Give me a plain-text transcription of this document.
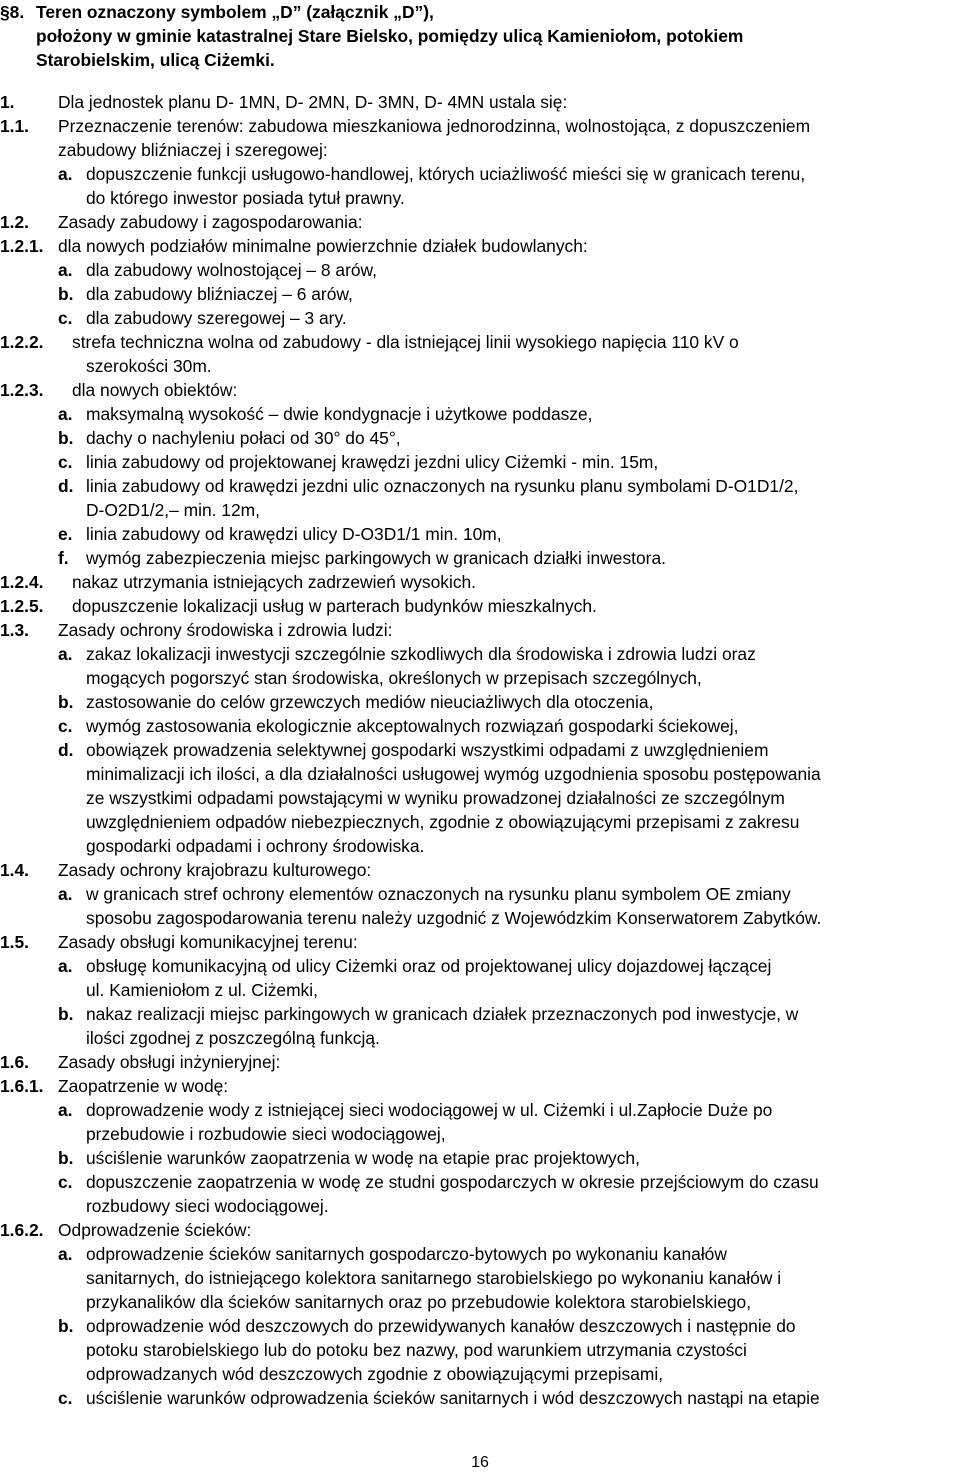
§8. Teren oznaczony symbolem „D” (załącznik „D”),
położony w gminie katastralnej Stare Bielsko, pomiędzy ulicą Kamieniołom, potokiem
Starobielskim, ulicą Ciżemki.
1. Dla jednostek planu D- 1MN, D- 2MN, D- 3MN, D- 4MN ustala się:
1.1. Przeznaczenie terenów: zabudowa mieszkaniowa jednorodzinna, wolnostojąca, z dopuszczeniem
zabudowy bliźniaczej i szeregowej:
a. dopuszczenie funkcji usługowo-handlowej, których uciażliwość mieści się w granicach terenu,
do którego inwestor posiada tytuł prawny.
1.2. Zasady zabudowy i zagospodarowania:
1.2.1. dla nowych podziałów minimalne powierzchnie działek budowlanych:
a. dla zabudowy wolnostojącej – 8 arów,
b. dla zabudowy bliźniaczej – 6 arów,
c. dla zabudowy szeregowej – 3 ary.
1.2.2. strefa techniczna wolna od zabudowy - dla istniejącej linii wysokiego napięcia 110 kV o
szerokości 30m.
1.2.3. dla nowych obiektów:
a. maksymalną wysokość – dwie kondygnacje i użytkowe poddasze,
b. dachy o nachyleniu połaci od 30° do 45°,
c. linia zabudowy od projektowanej krawędzi jezdni ulicy Ciżemki - min. 15m,
d. linia zabudowy od krawędzi jezdni ulic oznaczonych na rysunku planu symbolami D-O1D1/2,
D-O2D1/2,– min. 12m,
e. linia zabudowy od krawędzi ulicy D-O3D1/1 min. 10m,
f. wymóg zabezpieczenia miejsc parkingowych w granicach działki inwestora.
1.2.4. nakaz utrzymania istniejących zadrzewień wysokich.
1.2.5. dopuszczenie lokalizacji usług w parterach budynków mieszkalnych.
1.3. Zasady ochrony środowiska i zdrowia ludzi:
a. zakaz lokalizacji inwestycji szczególnie szkodliwych dla środowiska i zdrowia ludzi oraz
mogących pogorszyć stan środowiska, określonych w przepisach szczególnych,
b. zastosowanie do celów grzewczych mediów nieuciażliwych dla otoczenia,
c. wymóg zastosowania ekologicznie akceptowalnych rozwiązań gospodarki ściekowej,
d. obowiązek prowadzenia selektywnej gospodarki wszystkimi odpadami z uwzględnieniem
minimalizacji ich ilości, a dla działalności usługowej wymóg uzgodnienia sposobu postępowania
ze wszystkimi odpadami powstającymi w wyniku prowadzonej działalności ze szczególnym
uwzględnieniem odpadów niebezpiecznych, zgodnie z obowiązującymi przepisami z zakresu
gospodarki odpadami i ochrony środowiska.
1.4. Zasady ochrony krajobrazu kulturowego:
a. w granicach stref ochrony elementów oznaczonych na rysunku planu symbolem OE zmiany
sposobu zagospodarowania terenu należy uzgodnić z Wojewódzkim Konserwatorem Zabytków.
1.5. Zasady obsługi komunikacyjnej terenu:
a. obsługę komunikacyjną od ulicy Ciżemki oraz od projektowanej ulicy dojazdowej łączącej
ul. Kamieniołom z ul. Ciżemki,
b. nakaz realizacji miejsc parkingowych w granicach działek przeznaczonych pod inwestycje, w
ilości zgodnej z poszczególną funkcją.
1.6. Zasady obsługi inżynieryjnej:
1.6.1. Zaopatrzenie w wodę:
a. doprowadzenie wody z istniejącej sieci wodociągowej w ul. Ciżemki i ul.Zapłocie Duże po
przebudowie i rozbudowie sieci wodociągowej,
b. uściślenie warunków zaopatrzenia w wodę na etapie prac projektowych,
c. dopuszczenie zaopatrzenia w wodę ze studni gospodarczych w okresie przejściowym do czasu
rozbudowy sieci wodociągowej.
1.6.2. Odprowadzenie ścieków:
a. odprowadzenie ścieków sanitarnych gospodarczo-bytowych po wykonaniu kanałów
sanitarnych, do istniejącego kolektora sanitarnego starobielskiego po wykonaniu kanałów i
przykanalików dla ścieków sanitarnych oraz po przebudowie kolektora starobielskiego,
b. odprowadzenie wód deszczowych do przewidywanych kanałów deszczowych i następnie do
potoku starobielskiego lub do potoku bez nazwy, pod warunkiem utrzymania czystości
odprowadzanych wód deszczowych zgodnie z obowiązującymi przepisami,
c. uściślenie warunków odprowadzenia ścieków sanitarnych i wód deszczowych nastąpi na etapie
16
